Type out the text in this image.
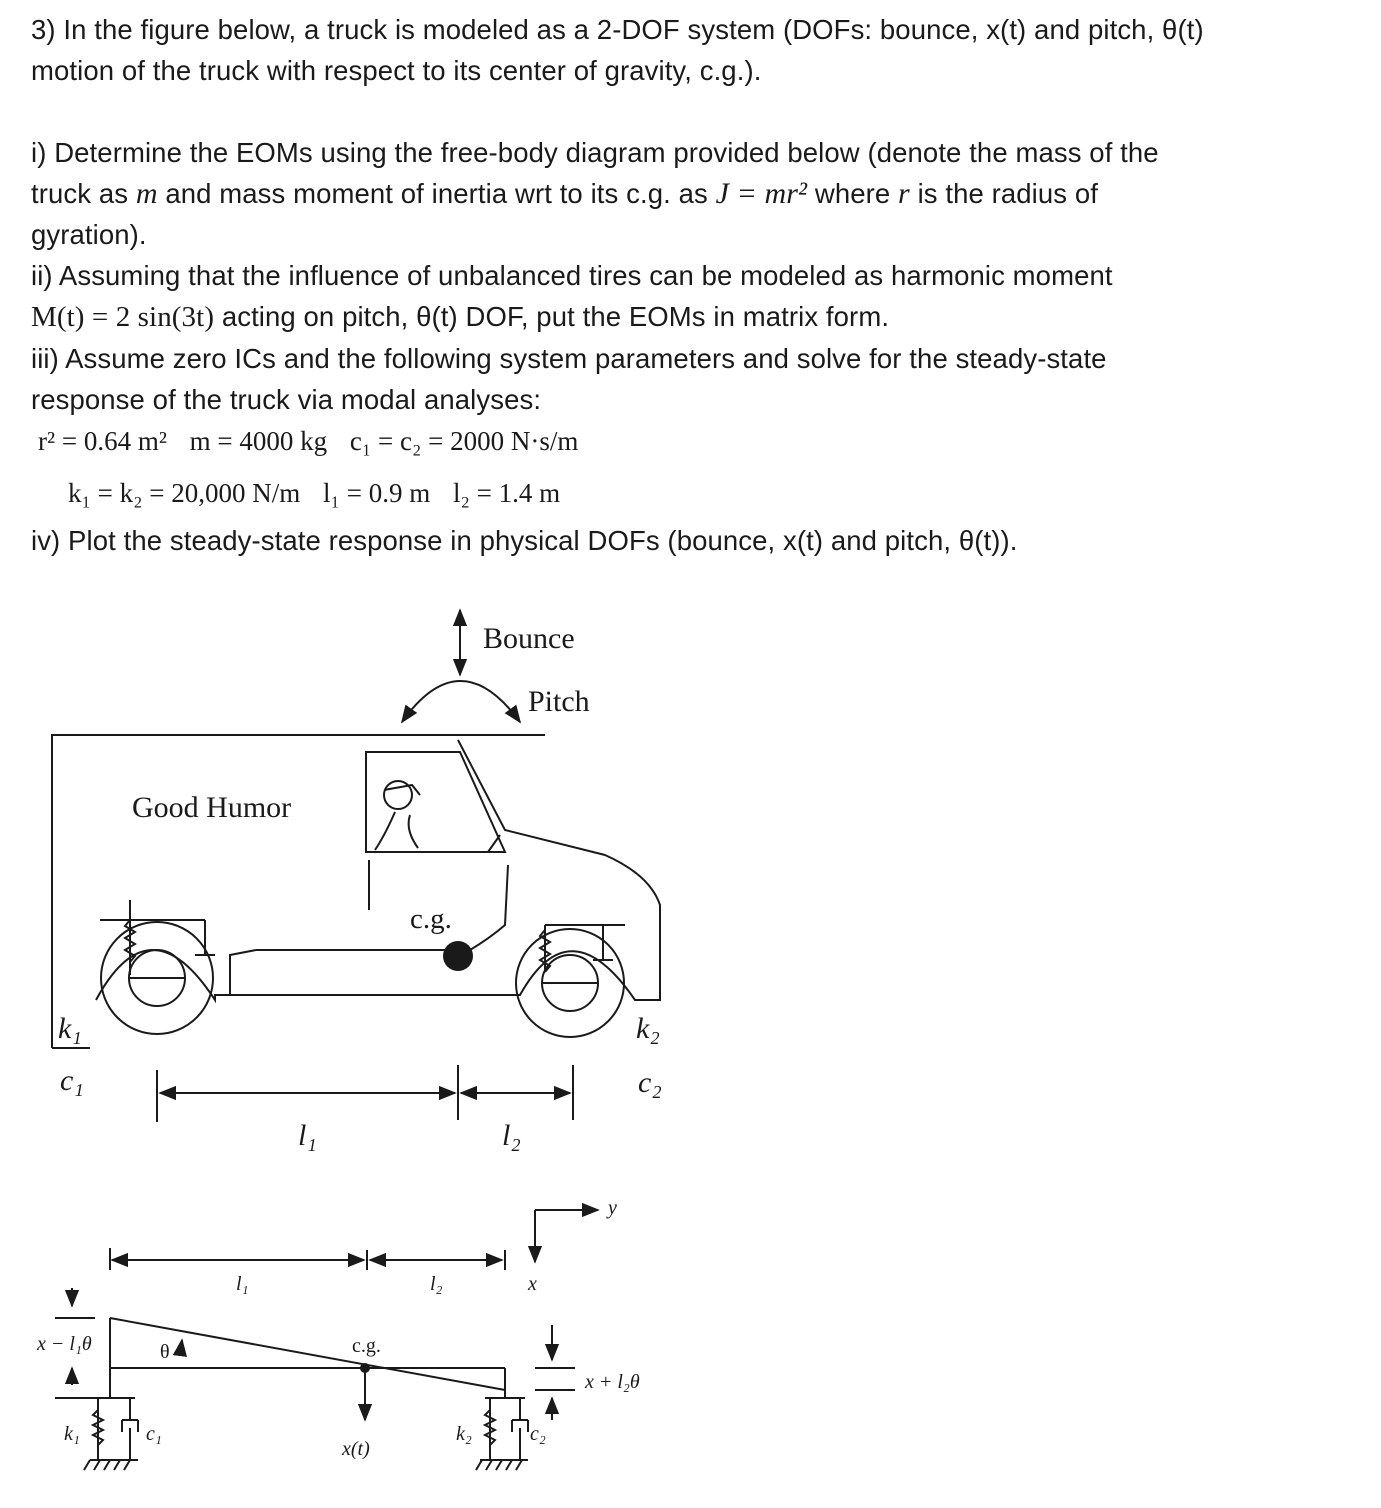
3) In the figure below, a truck is modeled as a 2-DOF system (DOFs: bounce, x(t) and pitch, θ(t)

motion of the truck with respect to its center of gravity, c.g.).

i) Determine the EOMs using the free-body diagram provided below (denote the mass of the

truck as m and mass moment of inertia wrt to its c.g. as J = mr² where r is the radius of

gyration).

ii) Assuming that the influence of unbalanced tires can be modeled as harmonic moment

M(t) = 2 sin(3t) acting on pitch, θ(t) DOF, put the EOMs in matrix form.

iii) Assume zero ICs and the following system parameters and solve for the steady-state

response of the truck via modal analyses:

r² = 0.64 m² m = 4000 kg c₁ = c₂ = 2000 N·s/m
k₁ = k₂ = 20,000 N/m l₁ = 0.9 m l₂ = 1.4 m

iv) Plot the steady-state response in physical DOFs (bounce, x(t) and pitch, θ(t)).

Bounce
Pitch
Good Humor
c.g.
k₁
c₁
k₂
c₂
l₁	l₂
y
x
l₁	l₂
x − l₁θ	θ	c.g.
x + l₂θ
x(t)
k₁	c₁	k₂	c₂
